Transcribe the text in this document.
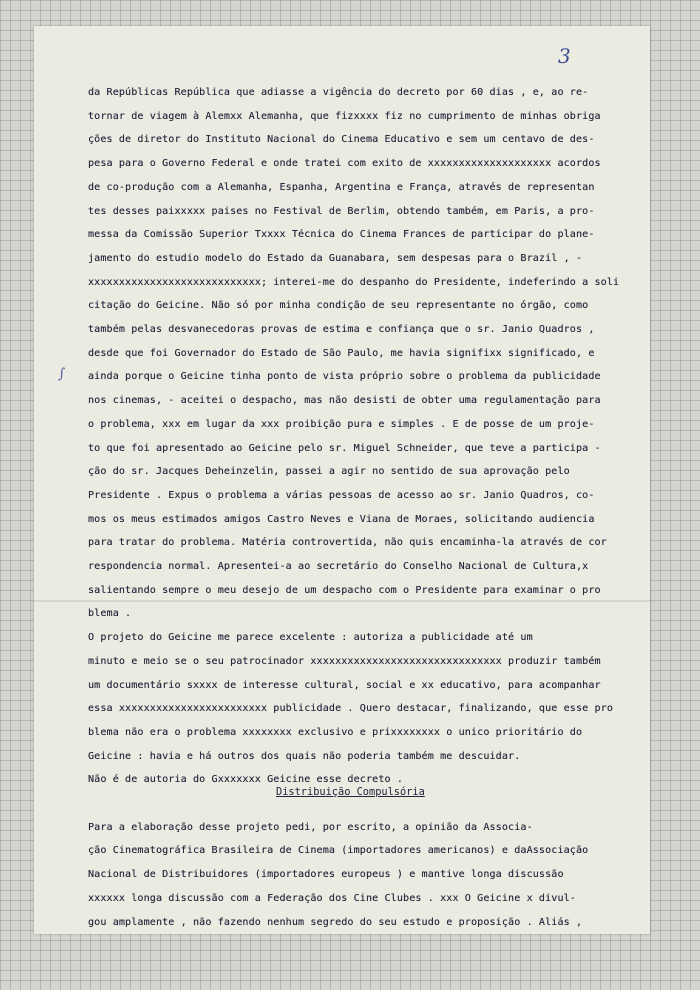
3
∫
da Repúblicas República que adiasse a vigência do decreto por 60 dias , e, ao re-
tornar de viagem à Alemxx Alemanha, que fizxxxx fiz no cumprimento de minhas obriga
ções de diretor do Instituto Nacional do Cinema Educativo e sem um centavo de des-
pesa para o Governo Federal e onde tratei com exito de xxxxxxxxxxxxxxxxxxxx acordos
de co-produção com a Alemanha, Espanha, Argentina e França, através de representan
tes desses paixxxxx paises no Festival de Berlim, obtendo também, em Paris, a pro-
messa da Comissão Superior Txxxx Técnica do Cinema Frances de participar do plane-
jamento do estudio modelo do Estado da Guanabara, sem despesas para o Brazil , -
xxxxxxxxxxxxxxxxxxxxxxxxxxxx; interei-me do despanho do Presidente, indeferindo a soli
citação do Geicine. Não só por minha condição de seu representante no órgão, como
também pelas desvanecedoras provas de estima e confiança que o sr. Janio Quadros ,
desde que foi Governador do Estado de São Paulo, me havia signifixx significado, e
ainda porque o Geicine tinha ponto de vista próprio sobre o problema da publicidade
nos cinemas, - aceitei o despacho, mas não desisti de obter uma regulamentação para
o problema, xxx em lugar da xxx proibição pura e simples . E de posse de um proje-
to que foi apresentado ao Geicine pelo sr. Miguel Schneider, que teve a participa -
ção do sr. Jacques Deheinzelin, passei a agir no sentido de sua aprovação pelo
Presidente . Expus o problema a várias pessoas de acesso ao sr. Janio Quadros, co-
mos os meus estimados amigos Castro Neves e Viana de Moraes, solicitando audiencia
para tratar do problema. Matéria controvertida, não quis encaminha-la através de cor
respondencia normal. Apresentei-a ao secretário do Conselho Nacional de Cultura,x
salientando sempre o meu desejo de um despacho com o Presidente para examinar o pro
blema .
O projeto do Geicine me parece excelente : autoriza a publicidade até um
minuto e meio se o seu patrocinador xxxxxxxxxxxxxxxxxxxxxxxxxxxxxxx produzir também
um documentário sxxxx de interesse cultural, social e xx educativo, para acompanhar
essa xxxxxxxxxxxxxxxxxxxxxxxx publicidade . Quero destacar, finalizando, que esse pro
blema não era o problema xxxxxxxx exclusivo e prixxxxxxxx o unico prioritário do
Geicine : havia e há outros dos quais não poderia também me descuidar.
Não é de autoria do Gxxxxxxx Geicine esse decreto .
Para a elaboração desse projeto pedi, por escrito, a opinião da Associa-
ção Cinematográfica Brasileira de Cinema (importadores americanos) e daAssociação
Nacional de Distribuidores (importadores europeus ) e mantive longa discussão
xxxxxx longa discussão com a Federação dos Cine Clubes . xxx O Geicine x divul-
gou amplamente , não fazendo nenhum segredo do seu estudo e proposição . Aliás ,
Distribuição Compulsória
